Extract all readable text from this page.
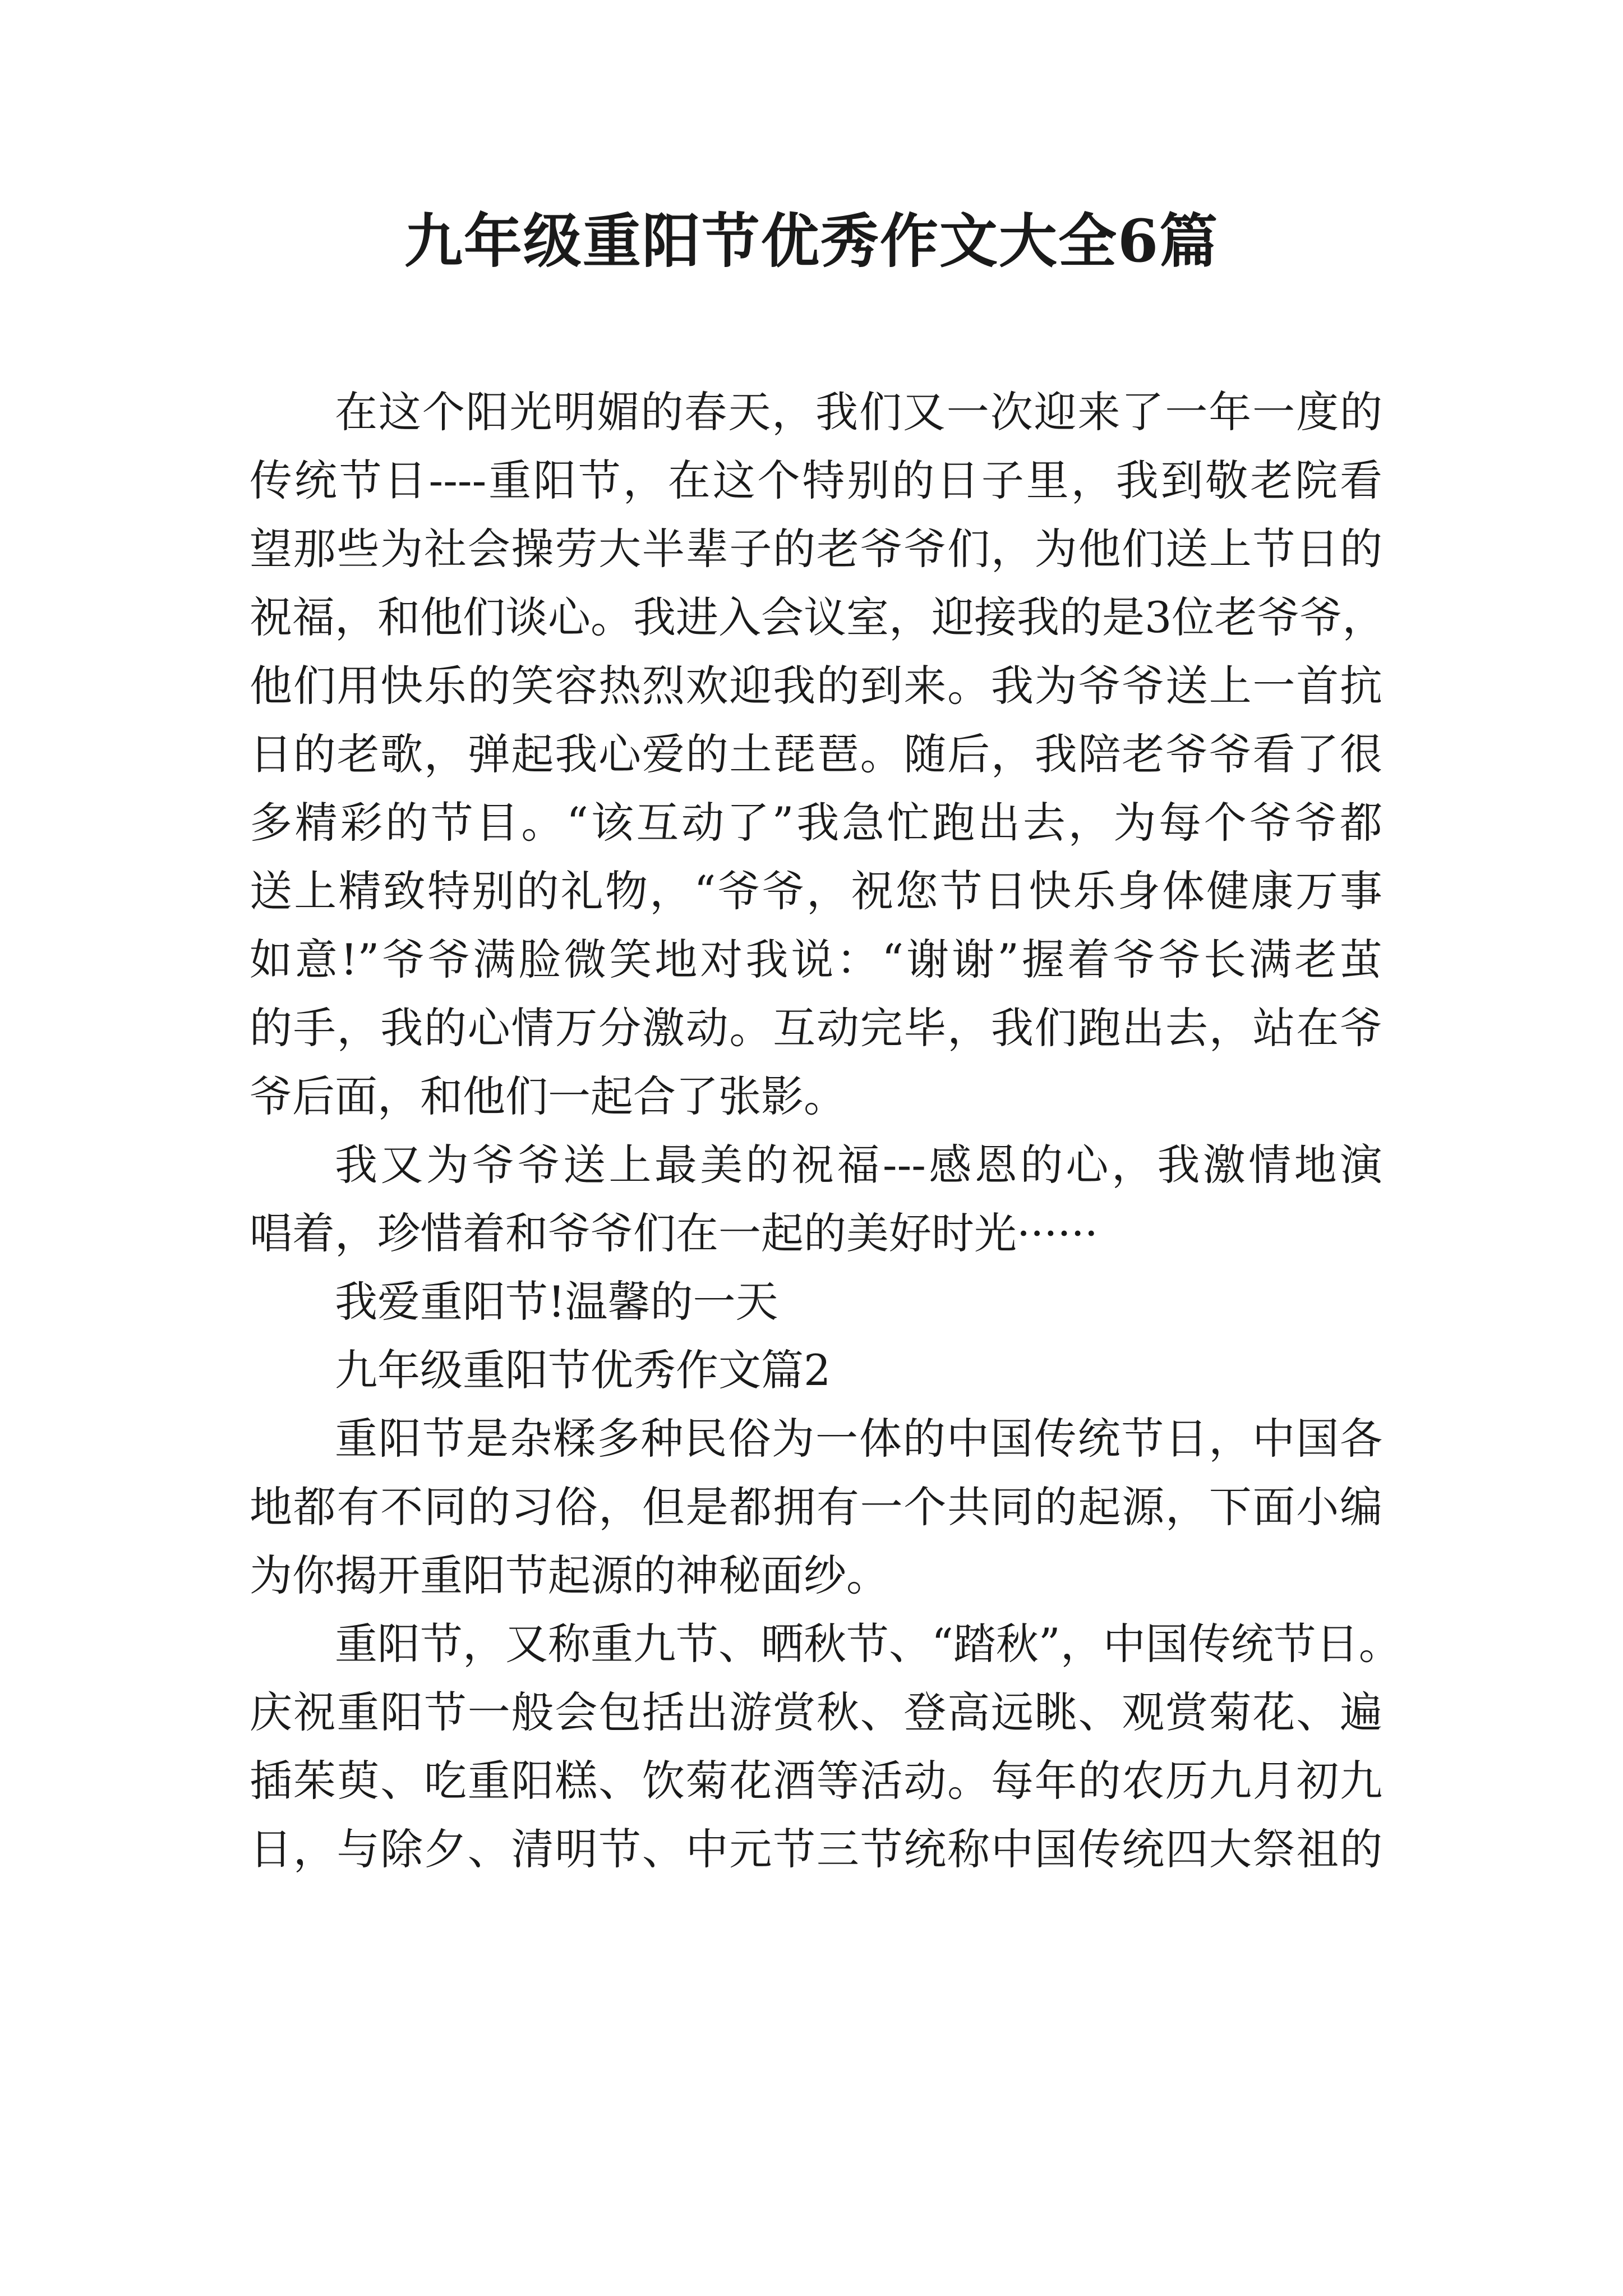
九年级重阳节优秀作文大全6篇
在这个阳光明媚的春天，我们又一次迎来了一年一度的
传统节日----重阳节，在这个特别的日子里，我到敬老院看
望那些为社会操劳大半辈子的老爷爷们，为他们送上节日的
祝福，和他们谈心。我进入会议室，迎接我的是3位老爷爷，
他们用快乐的笑容热烈欢迎我的到来。我为爷爷送上一首抗
日的老歌，弹起我心爱的土琵琶。随后，我陪老爷爷看了很
多精彩的节目。“该互动了”我急忙跑出去，为每个爷爷都
送上精致特别的礼物，“爷爷，祝您节日快乐身体健康万事
如意!”爷爷满脸微笑地对我说：“谢谢”握着爷爷长满老茧
的手，我的心情万分激动。互动完毕，我们跑出去，站在爷
爷后面，和他们一起合了张影。
我又为爷爷送上最美的祝福---感恩的心，我激情地演
唱着，珍惜着和爷爷们在一起的美好时光······
我爱重阳节!温馨的一天
九年级重阳节优秀作文篇2
重阳节是杂糅多种民俗为一体的中国传统节日，中国各
地都有不同的习俗，但是都拥有一个共同的起源，下面小编
为你揭开重阳节起源的神秘面纱。
重阳节，又称重九节、晒秋节、“踏秋”，中国传统节日。
庆祝重阳节一般会包括出游赏秋、登高远眺、观赏菊花、遍
插茱萸、吃重阳糕、饮菊花酒等活动。每年的农历九月初九
日，与除夕、清明节、中元节三节统称中国传统四大祭祖的
